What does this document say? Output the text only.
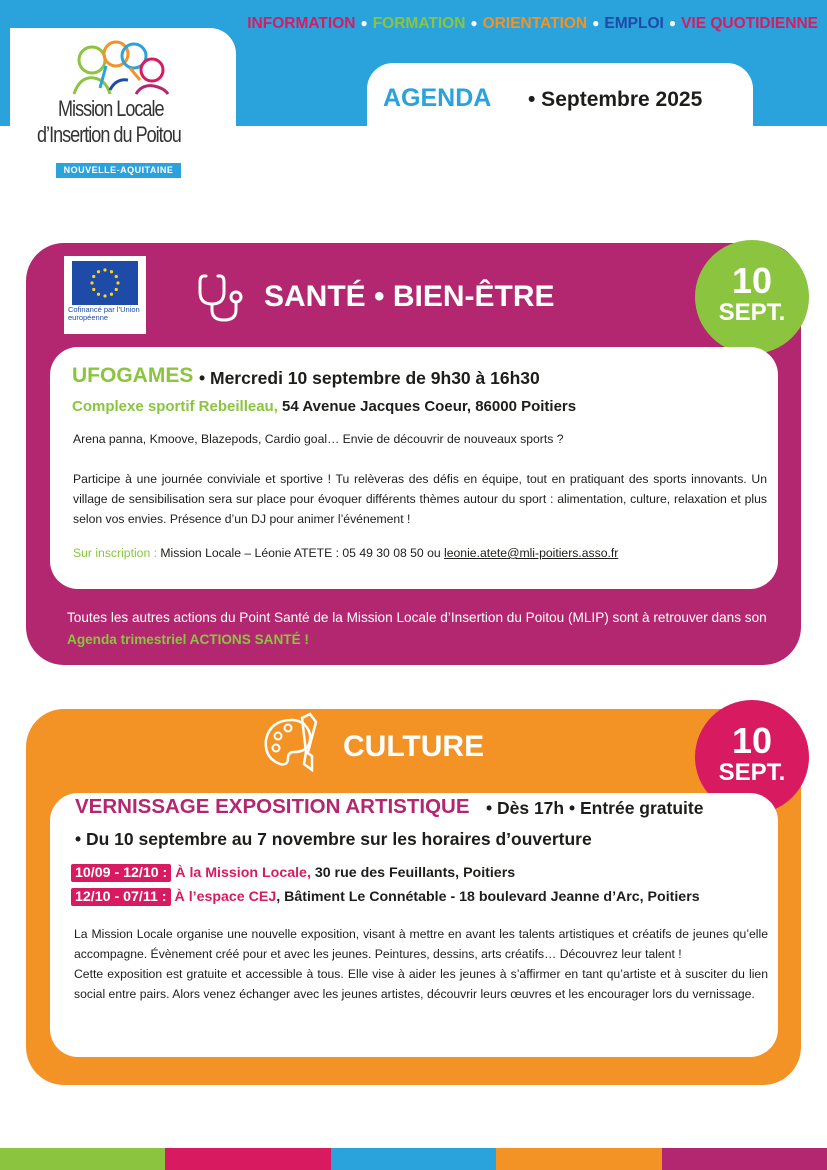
INFORMATION ● FORMATION ● ORIENTATION ● EMPLOI ● VIE QUOTIDIENNE
Mission Locale
d’Insertion du Poitou
NOUVELLE-AQUITAINE
AGENDA • Septembre 2025
Cofinancé par l’Union européenne
SANTÉ • BIEN-ÊTRE	10
SEPT.
UFOGAMES • Mercredi 10 septembre de 9h30 à 16h30
Complexe sportif Rebeilleau, 54 Avenue Jacques Coeur, 86000 Poitiers

Arena panna, Kmoove, Blazepods, Cardio goal… Envie de découvrir de nouveaux sports ?

Participe à une journée conviviale et sportive ! Tu relèveras des défis en équipe, tout en pratiquant des sports innovants. Un village de sensibilisation sera sur place pour évoquer différents thèmes autour du sport : alimentation, culture, relaxation et plus selon vos envies. Présence d’un DJ pour animer l’événement !

Sur inscription : Mission Locale – Léonie ATETE : 05 49 30 08 50 ou leonie.atete@mli-poitiers.asso.fr
Toutes les autres actions du Point Santé de la Mission Locale d’Insertion du Poitou (MLIP) sont à retrouver dans son Agenda trimestriel ACTIONS SANTÉ !
CULTURE	10
SEPT.
VERNISSAGE EXPOSITION ARTISTIQUE • Dès 17h • Entrée gratuite
• Du 10 septembre au 7 novembre sur les horaires d’ouverture
10/09 - 12/10 : À la Mission Locale, 30 rue des Feuillants, Poitiers
12/10 - 07/11 : À l’espace CEJ, Bâtiment Le Connétable - 18 boulevard Jeanne d’Arc, Poitiers

La Mission Locale organise une nouvelle exposition, visant à mettre en avant les talents artistiques et créatifs de jeunes qu’elle accompagne. Évènement créé pour et avec les jeunes. Peintures, dessins, arts créatifs… Découvrez leur talent !

Cette exposition est gratuite et accessible à tous. Elle vise à aider les jeunes à s’affirmer en tant qu’artiste et à susciter du lien social entre pairs. Alors venez échanger avec les jeunes artistes, découvrir leurs œuvres et les encourager lors du vernissage.
